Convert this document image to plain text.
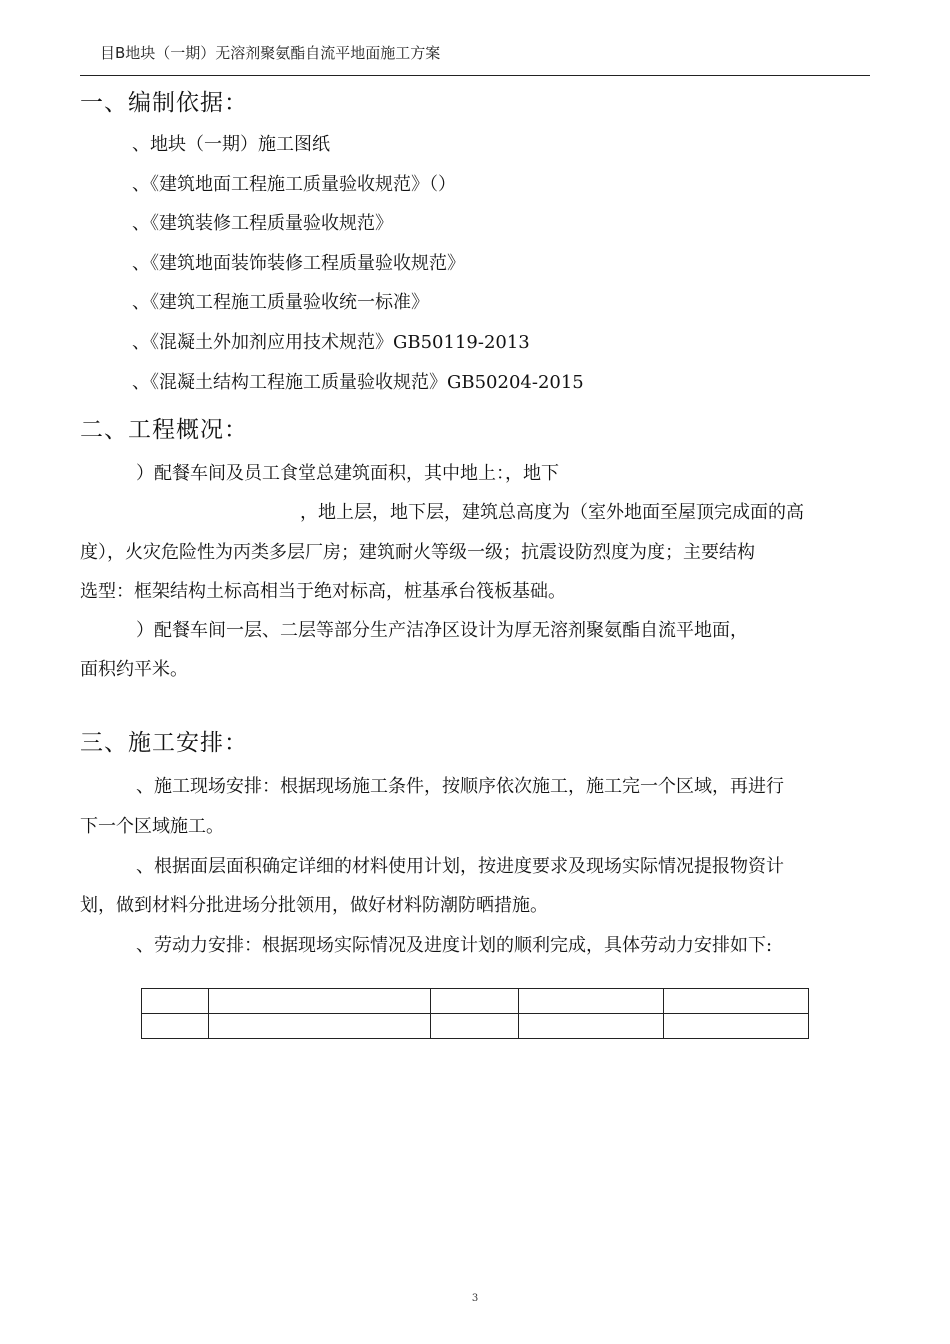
目B地块（一期）无溶剂聚氨酯自流平地面施工方案
一、编制依据：
、地块（一期）施工图纸
、《建筑地面工程施工质量验收规范》（）
、《建筑装修工程质量验收规范》
、《建筑地面装饰装修工程质量验收规范》
、《建筑工程施工质量验收统一标准》
、《混凝土外加剂应用技术规范》GB50119-2013
、《混凝土结构工程施工质量验收规范》GB50204-2015
二、工程概况：
）配餐车间及员工食堂总建筑面积，其中地上：，地下
，地上层，地下层，建筑总高度为（室外地面至屋顶完成面的高
度），火灾危险性为丙类多层厂房；建筑耐火等级一级；抗震设防烈度为度；主要结构
选型：框架结构土标高相当于绝对标高，桩基承台筏板基础。
）配餐车间一层、二层等部分生产洁净区设计为厚无溶剂聚氨酯自流平地面，
面积约平米。
三、施工安排：
、施工现场安排：根据现场施工条件，按顺序依次施工，施工完一个区域，再进行
下一个区域施工。
、根据面层面积确定详细的材料使用计划，按进度要求及现场实际情况提报物资计
划，做到材料分批进场分批领用，做好材料防潮防晒措施。
、劳动力安排：根据现场实际情况及进度计划的顺利完成，具体劳动力安排如下:

3
